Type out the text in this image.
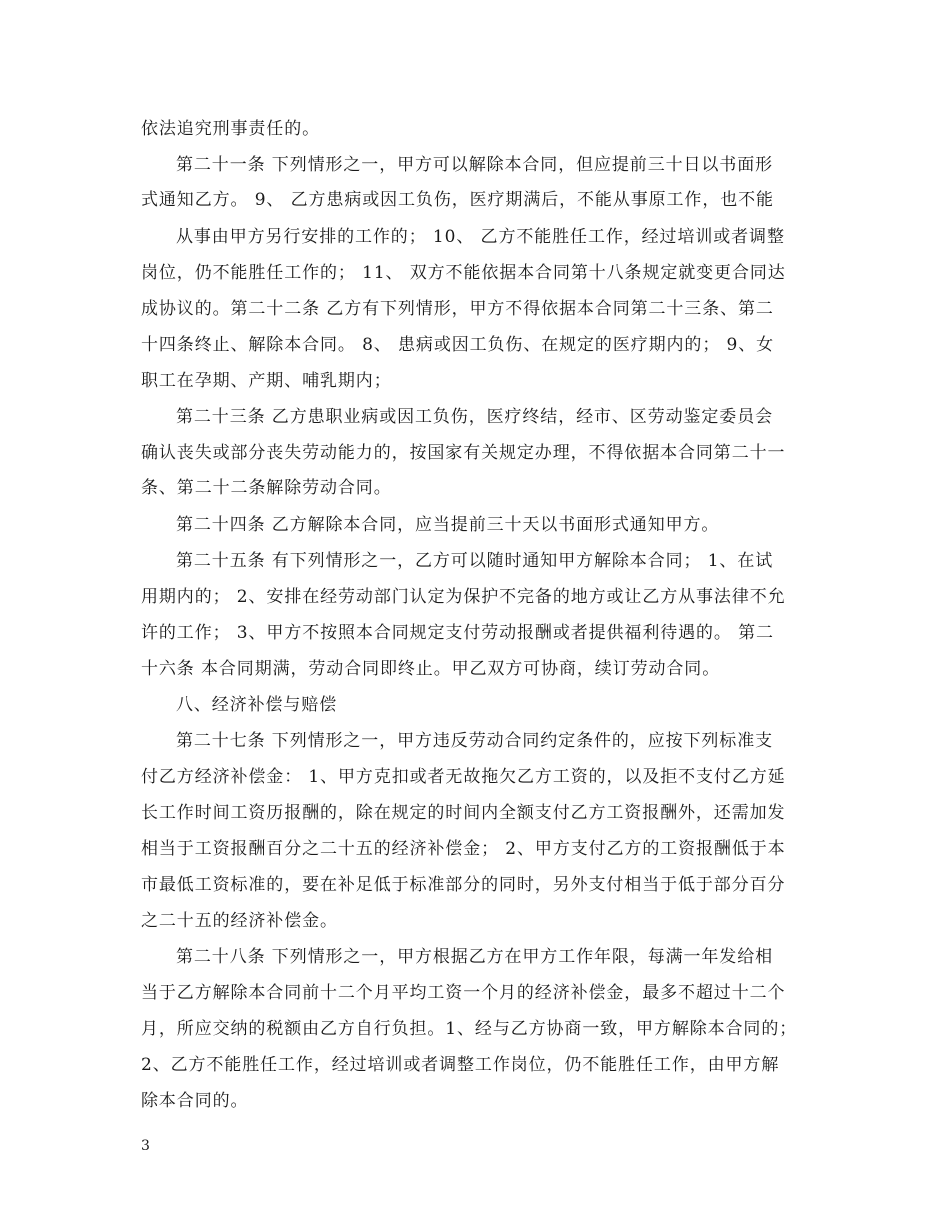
依法追究刑事责任的。
第二十一条 下列情形之一，甲方可以解除本合同，但应提前三十日以书面形
式通知乙方。 9、 乙方患病或因工负伤，医疗期满后，不能从事原工作，也不能
从事由甲方另行安排的工作的； 10、 乙方不能胜任工作，经过培训或者调整
岗位，仍不能胜任工作的； 11、 双方不能依据本合同第十八条规定就变更合同达
成协议的。第二十二条 乙方有下列情形，甲方不得依据本合同第二十三条、第二
十四条终止、解除本合同。 8、 患病或因工负伤、在规定的医疗期内的； 9、女
职工在孕期、产期、哺乳期内；
第二十三条 乙方患职业病或因工负伤，医疗终结，经市、区劳动鉴定委员会
确认丧失或部分丧失劳动能力的，按国家有关规定办理，不得依据本合同第二十一
条、第二十二条解除劳动合同。
第二十四条 乙方解除本合同，应当提前三十天以书面形式通知甲方。
第二十五条 有下列情形之一，乙方可以随时通知甲方解除本合同； 1、在试
用期内的； 2、安排在经劳动部门认定为保护不完备的地方或让乙方从事法律不允
许的工作； 3、甲方不按照本合同规定支付劳动报酬或者提供福利待遇的。 第二
十六条 本合同期满，劳动合同即终止。甲乙双方可协商，续订劳动合同。
八、经济补偿与赔偿
第二十七条 下列情形之一，甲方违反劳动合同约定条件的，应按下列标准支
付乙方经济补偿金： 1、甲方克扣或者无故拖欠乙方工资的，以及拒不支付乙方延
长工作时间工资历报酬的，除在规定的时间内全额支付乙方工资报酬外，还需加发
相当于工资报酬百分之二十五的经济补偿金； 2、甲方支付乙方的工资报酬低于本
市最低工资标准的，要在补足低于标准部分的同时，另外支付相当于低于部分百分
之二十五的经济补偿金。
第二十八条 下列情形之一，甲方根据乙方在甲方工作年限，每满一年发给相
当于乙方解除本合同前十二个月平均工资一个月的经济补偿金，最多不超过十二个
月，所应交纳的税额由乙方自行负担。1、经与乙方协商一致，甲方解除本合同的；
2、乙方不能胜任工作，经过培训或者调整工作岗位，仍不能胜任工作，由甲方解
除本合同的。
3
